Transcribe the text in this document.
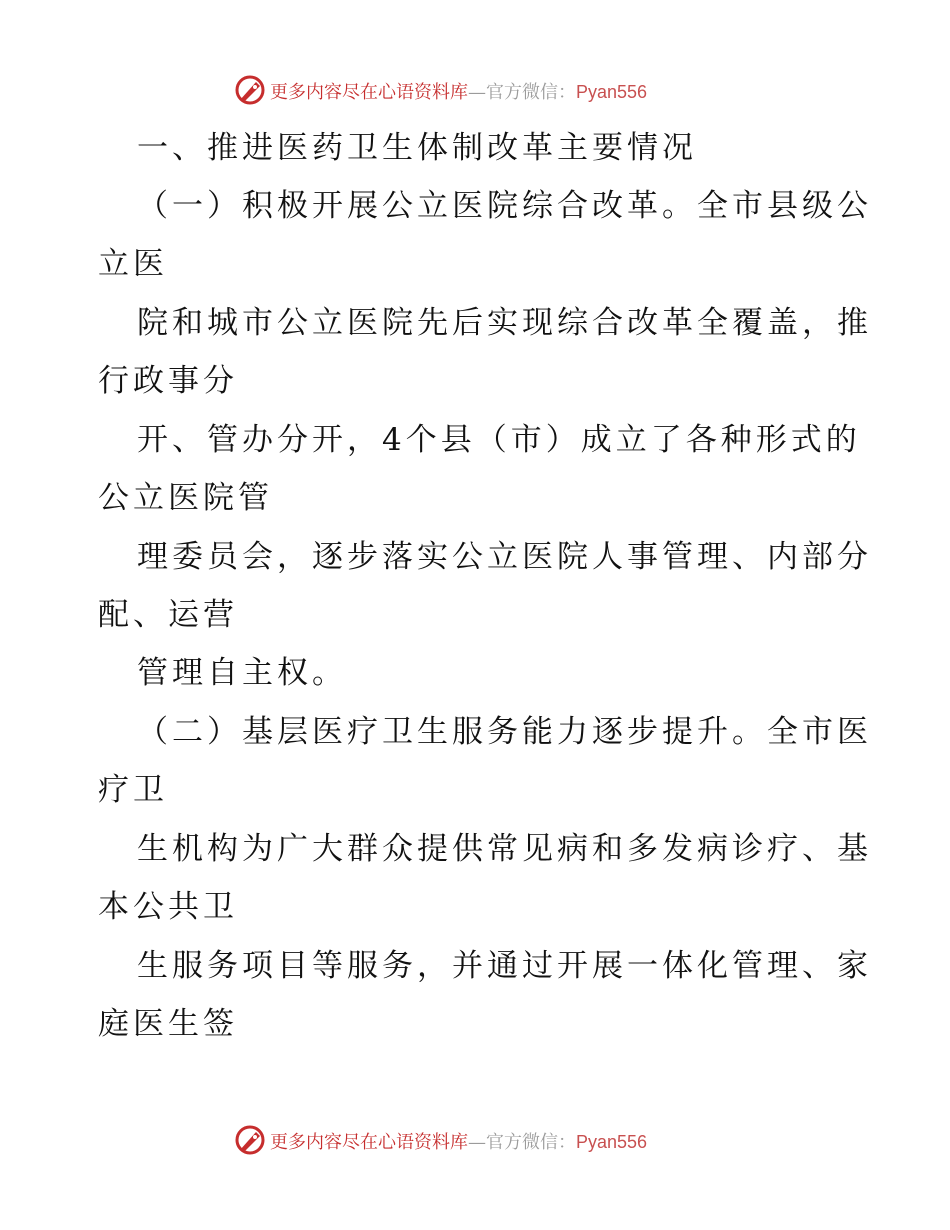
更多内容尽在心语资料库—官方微信：Pyan556
一、推进医药卫生体制改革主要情况
（一）积极开展公立医院综合改革。全市县级公
立医
院和城市公立医院先后实现综合改革全覆盖，推
行政事分
开、管办分开，4个县（市）成立了各种形式的
公立医院管
理委员会，逐步落实公立医院人事管理、内部分
配、运营
管理自主权。
（二）基层医疗卫生服务能力逐步提升。全市医
疗卫
生机构为广大群众提供常见病和多发病诊疗、基
本公共卫
生服务项目等服务，并通过开展一体化管理、家
庭医生签
更多内容尽在心语资料库—官方微信：Pyan556
